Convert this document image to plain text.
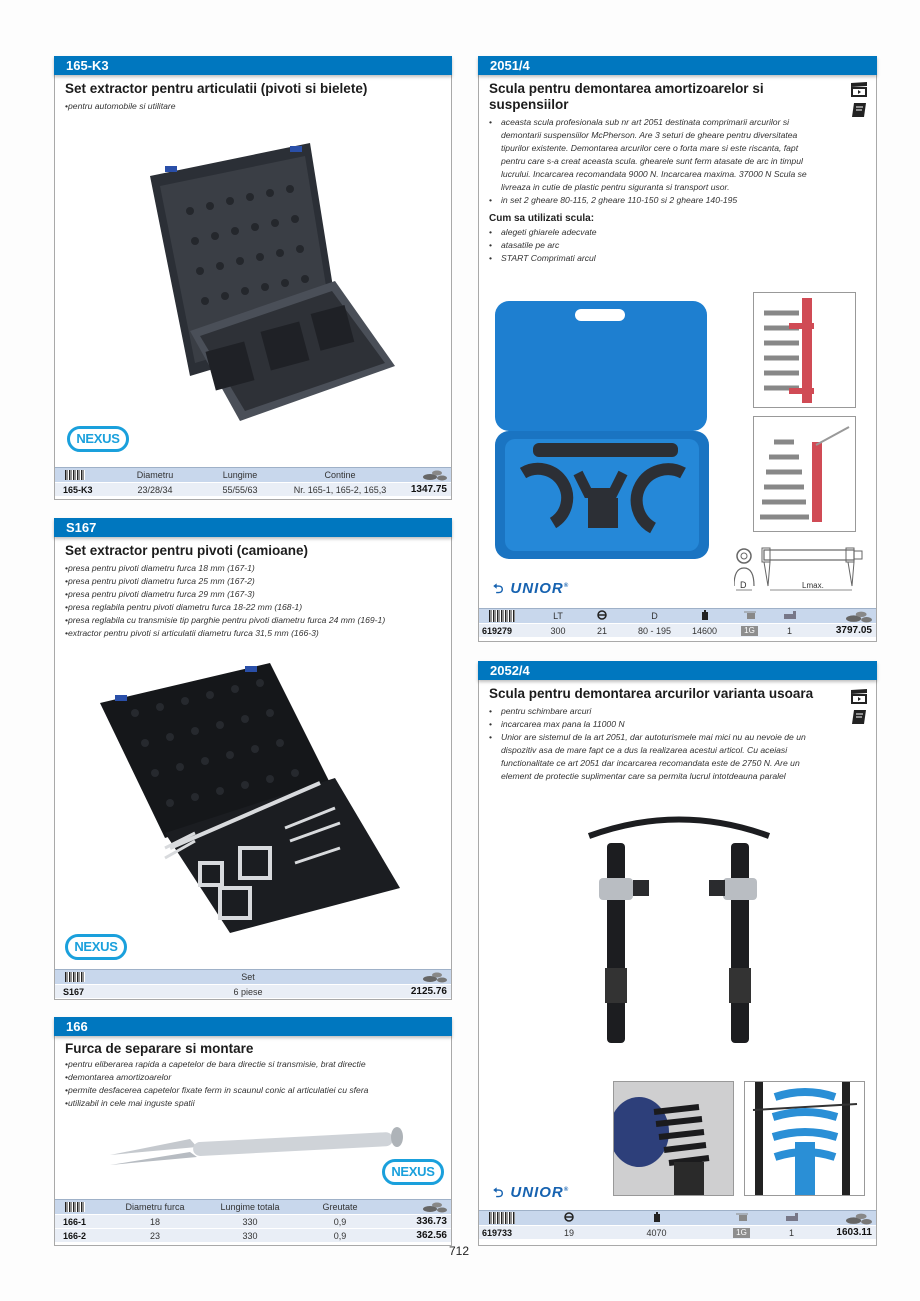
165-K3
Set extractor pentru articulatii (pivoti si bielete)
• pentru automobile si utilitare
NEXUS
	Diametru	Lungime	Contine	
165-K3	23/28/34	55/55/63	Nr. 165-1, 165-2, 165,3	1347.75
S167
Set extractor pentru pivoti (camioane)
• presa pentru pivoti diametru furca 18 mm (167-1)
• presa pentru pivoti diametru furca 25 mm (167-2)
• presa pentru pivoti diametru furca 29 mm (167-3)
• presa reglabila pentru pivoti diametru furca 18-22 mm (168-1)
• presa reglabila cu transmisie tip parghie pentru pivoti diametru furca 24 mm (169-1)
• extractor pentru pivoti si articulatii diametru furca 31,5 mm (166-3)
NEXUS
	Set	
S167	6 piese	2125.76
166
Furca de separare si montare
• pentru eliberarea rapida a capetelor de bara directie si transmisie, brat directie
• demontarea amortizoarelor
• permite desfacerea capetelor fixate ferm in scaunul conic al articulatiei cu sfera
• utilizabil in cele mai inguste spatii
NEXUS
	Diametru furca	Lungime totala	Greutate	
166-1	18	330	0,9	336.73
166-2	23	330	0,9	362.56
2051/4
Scula pentru demontarea amortizoarelor si suspensiilor
• aceasta scula profesionala sub nr art 2051 destinata comprimarii arcurilor si demontarii suspensiilor McPherson. Are 3 seturi de gheare pentru diversitatea tipurilor existente. Demontarea arcurilor cere o forta mare si este riscanta, fapt pentru care s-a creat aceasta scula. ghearele sunt ferm atasate de arc in timpul lucrului. Incarcarea recomandata 9000 N. Incarcarea maxima. 37000 N Scula se livreaza in cutie de plastic pentru siguranta si transport usor.
• in set 2 gheare 80-115, 2 gheare 110-150 si 2 gheare 140-195
Cum sa utilizati scula:
• alegeti ghiarele adecvate
• atasatile pe arc
• START Comprimati arcul
D	Lmax.
⮌ UNIOR®
	LT		D				
619279	300	21	80 - 195	14600	1G	1	3797.05
2052/4
Scula pentru demontarea arcurilor varianta usoara
• pentru schimbare arcuri
• incarcarea max pana la 11000 N
• Unior are sistemul de la art 2051, dar autoturismele mai mici nu au nevoie de un dispozitiv asa de mare fapt ce a dus la realizarea acestui articol. Cu aceiasi functionalitate ce art 2051 dar incarcarea recomandata este de 2750 N. Are un element de protectie suplimentar care sa permita lucrul intotdeauna paralel
⮌ UNIOR®

619733	19	4070	1G	1	1603.11
712
